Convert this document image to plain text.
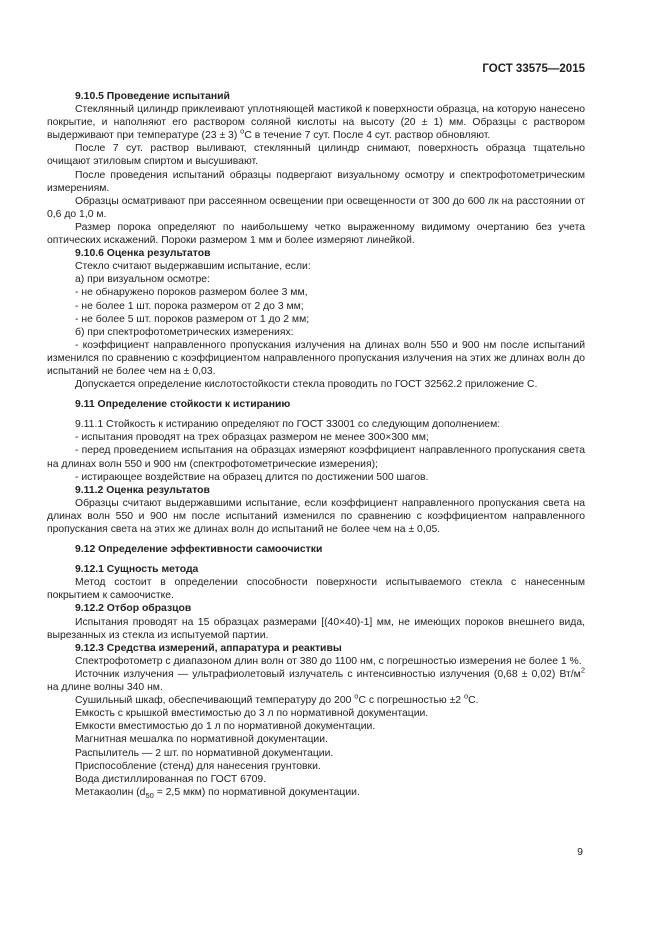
ГОСТ 33575—2015

9.10.5 Проведение испытаний

Стеклянный цилиндр приклеивают уплотняющей мастикой к поверхности образца, на которую нанесено покрытие, и наполняют его раствором соляной кислоты на высоту (20 ± 1) мм. Образцы с раствором выдерживают при температуре (23 ± 3) $^о$С в течение 7 сут. После 4 сут. раствор обновляют.

После 7 сут. раствор выливают, стеклянный цилиндр снимают, поверхность образца тщательно очищают этиловым спиртом и высушивают.

После проведения испытаний образцы подвергают визуальному осмотру и спектрофотометрическим измерениям.

Образцы осматривают при рассеянном освещении при освещенности от 300 до 600 лк на расстоянии от 0,6 до 1,0 м.

Размер порока определяют по наибольшему четко выраженному видимому очертанию без учета оптических искажений. Пороки размером 1 мм и более измеряют линейкой.

9.10.6 Оценка результатов

Стекло считают выдержавшим испытание, если:

а) при визуальном осмотре:

- не обнаружено пороков размером более 3 мм,

- не более 1 шт. порока размером от 2 до 3 мм;

- не более 5 шт. пороков размером от 1 до 2 мм;

б) при спектрофотометрических измерениях:

- коэффициент направленного пропускания излучения на длинах волн 550 и 900 нм после испытаний изменился по сравнению с коэффициентом направленного пропускания излучения на этих же длинах волн до испытаний не более чем на ± 0,03.

Допускается определение кислотостойкости стекла проводить по ГОСТ 32562.2 приложение С.

9.11 Определение стойкости к истиранию

9.11.1 Стойкость к истиранию определяют по ГОСТ 33001 со следующим дополнением:

- испытания проводят на трех образцах размером не менее 300×300 мм;

- перед проведением испытания на образцах измеряют коэффициент направленного пропускания света на длинах волн 550 и 900 нм (спектрофотометрические измерения);

- истирающее воздействие на образец длится по достижении 500 шагов.

9.11.2 Оценка результатов

Образцы считают выдержавшими испытание, если коэффициент направленного пропускания света на длинах волн 550 и 900 нм после испытаний изменился по сравнению с коэффициентом направленного пропускания света на этих же длинах волн до испытаний не более чем на ± 0,05.

9.12 Определение эффективности самоочистки

9.12.1 Сущность метода

Метод состоит в определении способности поверхности испытываемого стекла с нанесенным покрытием к самоочистке.

9.12.2 Отбор образцов

Испытания проводят на 15 образцах размерами [(40×40)-1] мм, не имеющих пороков внешнего вида, вырезанных из стекла из испытуемой партии.

9.12.3 Средства измерений, аппаратура и реактивы

Спектрофотометр с диапазоном длин волн от 380 до 1100 нм, с погрешностью измерения не более 1 %.

Источник излучения — ультрафиолетовый излучатель с интенсивностью излучения (0,68 ± 0,02) $Вт/м^2$ на длине волны 340 нм.

Сушильный шкаф, обеспечивающий температуру до 200 $^о$С с погрешностью ±2 $^о$С.

Емкость с крышкой вместимостью до 3 л по нормативной документации.

Емкости вместимостью до 1 л по нормативной документации.

Магнитная мешалка по нормативной документации.

Распылитель — 2 шт. по нормативной документации.

Приспособление (стенд) для нанесения грунтовки.

Вода дистиллированная по ГОСТ 6709.

Метакаолин ($d_{50} = 2,5$ мкм) по нормативной документации.

9
